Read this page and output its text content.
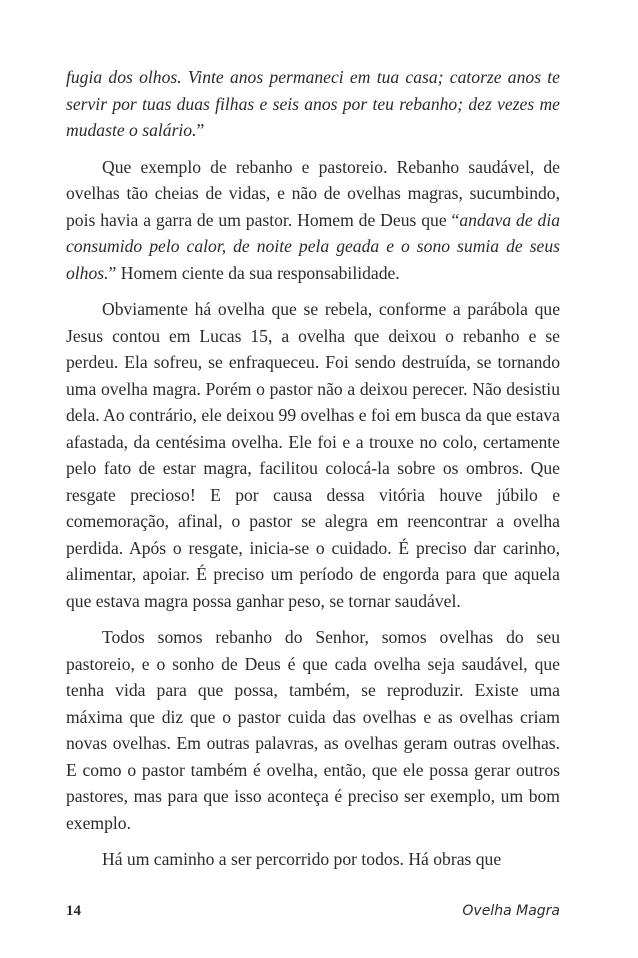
fugia dos olhos. Vinte anos permaneci em tua casa; catorze anos te servir por tuas duas filhas e seis anos por teu rebanho; dez vezes me mudaste o salário.”

Que exemplo de rebanho e pastoreio. Rebanho saudável, de ovelhas tão cheias de vidas, e não de ovelhas magras, sucumbindo, pois havia a garra de um pastor. Homem de Deus que “andava de dia consumido pelo calor, de noite pela geada e o sono sumia de seus olhos.” Homem ciente da sua responsabilidade.

Obviamente há ovelha que se rebela, conforme a parábola que Jesus contou em Lucas 15, a ovelha que deixou o rebanho e se perdeu. Ela sofreu, se enfraqueceu. Foi sendo destruída, se tornando uma ovelha magra. Porém o pastor não a deixou perecer. Não desistiu dela. Ao contrário, ele deixou 99 ovelhas e foi em busca da que estava afastada, da centésima ovelha. Ele foi e a trouxe no colo, certamente pelo fato de estar magra, facilitou colocá-la sobre os ombros. Que resgate precioso! E por causa dessa vitória houve júbilo e comemoração, afinal, o pastor se alegra em reencontrar a ovelha perdida. Após o resgate, inicia-se o cuidado. É preciso dar carinho, alimentar, apoiar. É preciso um período de engorda para que aquela que estava magra possa ganhar peso, se tornar saudável.

Todos somos rebanho do Senhor, somos ovelhas do seu pastoreio, e o sonho de Deus é que cada ovelha seja saudável, que tenha vida para que possa, também, se reproduzir. Existe uma máxima que diz que o pastor cuida das ovelhas e as ovelhas criam novas ovelhas. Em outras palavras, as ovelhas geram outras ovelhas. E como o pastor também é ovelha, então, que ele possa gerar outros pastores, mas para que isso aconteça é preciso ser exemplo, um bom exemplo.

Há um caminho a ser percorrido por todos. Há obras que

14	Ovelha Magra
